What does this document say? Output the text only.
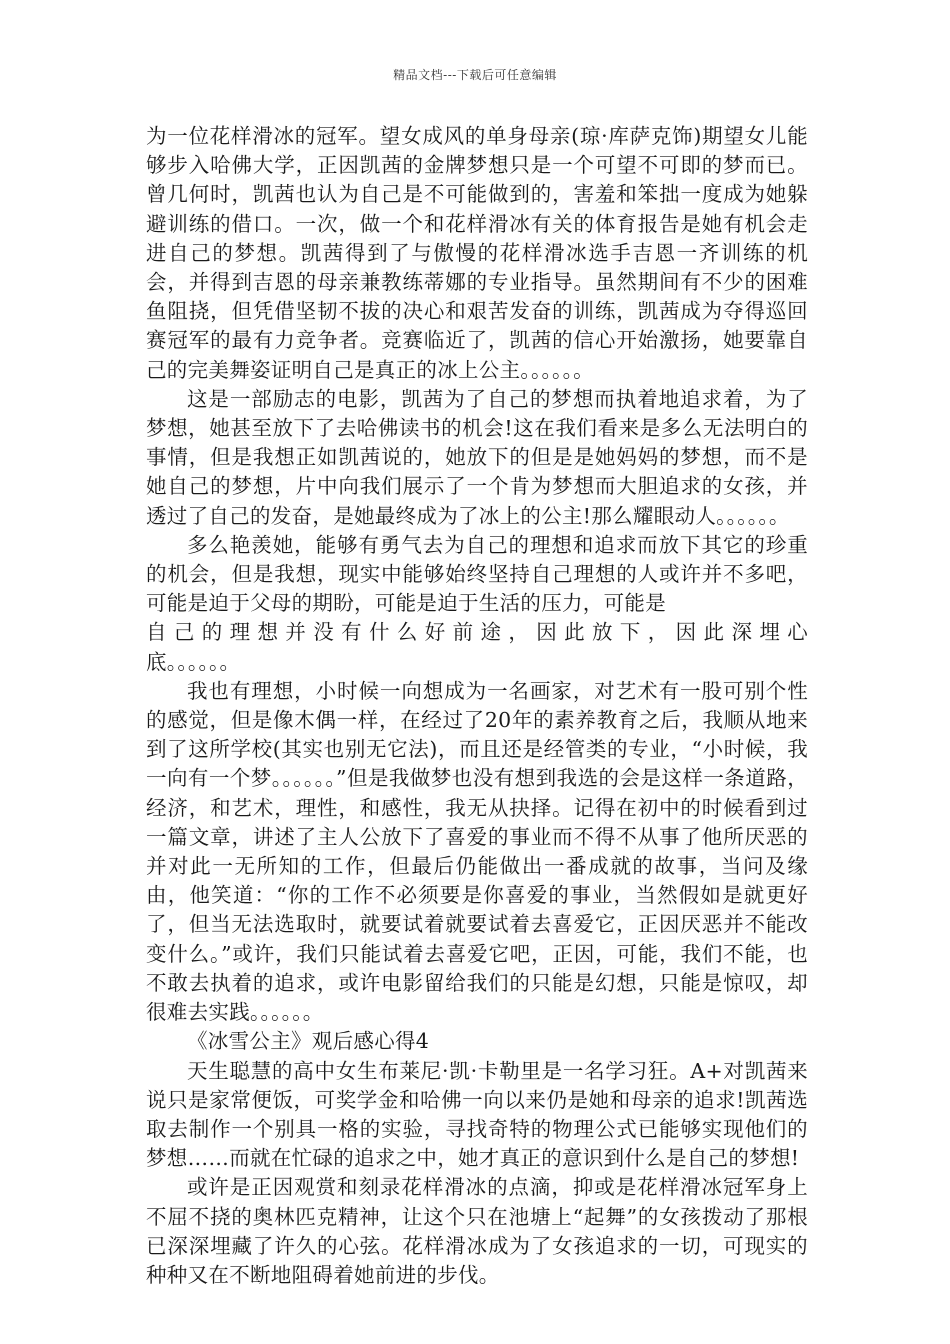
精品文档---下载后可任意编辑

为一位花样滑冰的冠军。望女成风的单身母亲(琼·库萨克饰)期望女儿能够步入哈佛大学，正因凯茜的金牌梦想只是一个可望不可即的梦而已。曾几何时，凯茜也认为自己是不可能做到的，害羞和笨拙一度成为她躲避训练的借口。一次，做一个和花样滑冰有关的体育报告是她有机会走进自己的梦想。凯茜得到了与傲慢的花样滑冰选手吉恩一齐训练的机会，并得到吉恩的母亲兼教练蒂娜的专业指导。虽然期间有不少的困难鱼阻挠，但凭借坚韧不拔的决心和艰苦发奋的训练，凯茜成为夺得巡回赛冠军的最有力竞争者。竞赛临近了，凯茜的信心开始激扬，她要靠自己的完美舞姿证明自己是真正的冰上公主。。。。。。

这是一部励志的电影，凯茜为了自己的梦想而执着地追求着，为了梦想，她甚至放下了去哈佛读书的机会!这在我们看来是多么无法明白的事情，但是我想正如凯茜说的，她放下的但是是她妈妈的梦想，而不是她自己的梦想，片中向我们展示了一个肯为梦想而大胆追求的女孩，并透过了自己的发奋，是她最终成为了冰上的公主!那么耀眼动人。。。。。。

多么艳羡她，能够有勇气去为自己的理想和追求而放下其它的珍重的机会，但是我想，现实中能够始终坚持自己理想的人或许并不多吧，可能是迫于父母的期盼，可能是迫于生活的压力，可能是

自己的理想并没有什么好前途，因此放下，因此深埋心

底。。。。。。

我也有理想，小时候一向想成为一名画家，对艺术有一股可别个性的感觉，但是像木偶一样，在经过了20年的素养教育之后，我顺从地来到了这所学校(其实也别无它法)，而且还是经管类的专业，“小时候，我一向有一个梦。。。。。。”但是我做梦也没有想到我选的会是这样一条道路，经济，和艺术，理性，和感性，我无从抉择。记得在初中的时候看到过一篇文章，讲述了主人公放下了喜爱的事业而不得不从事了他所厌恶的并对此一无所知的工作，但最后仍能做出一番成就的故事，当问及缘由，他笑道：“你的工作不必须要是你喜爱的事业，当然假如是就更好了，但当无法选取时，就要试着就要试着去喜爱它，正因厌恶并不能改变什么。”或许，我们只能试着去喜爱它吧，正因，可能，我们不能，也不敢去执着的追求，或许电影留给我们的只能是幻想，只能是惊叹，却很难去实践。。。。。。

《冰雪公主》观后感心得4

天生聪慧的高中女生布莱尼·凯·卡勒里是一名学习狂。A+对凯茜来说只是家常便饭，可奖学金和哈佛一向以来仍是她和母亲的追求!凯茜选取去制作一个别具一格的实验，寻找奇特的物理公式已能够实现他们的梦想……而就在忙碌的追求之中，她才真正的意识到什么是自己的梦想!

或许是正因观赏和刻录花样滑冰的点滴，抑或是花样滑冰冠军身上不屈不挠的奥林匹克精神，让这个只在池塘上“起舞”的女孩拨动了那根已深深埋藏了许久的心弦。花样滑冰成为了女孩追求的一切，可现实的种种又在不断地阻碍着她前进的步伐。
